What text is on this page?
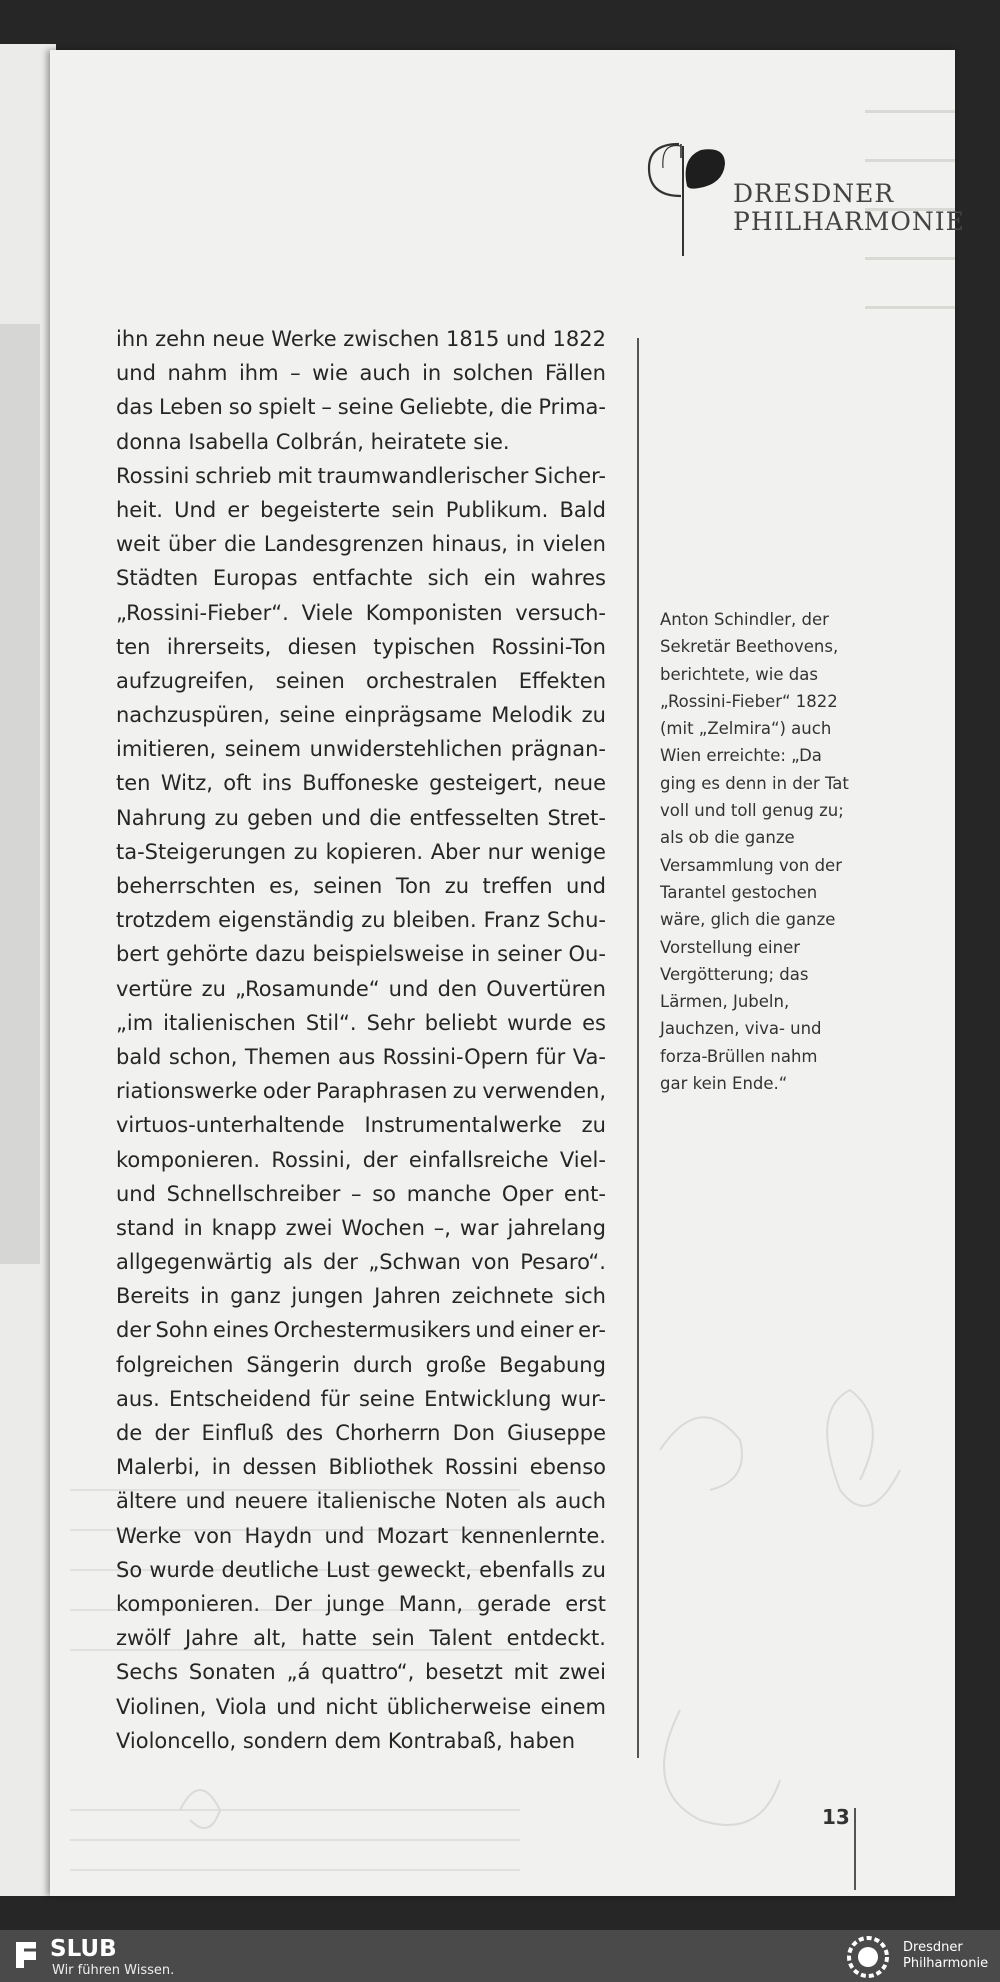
DRESDNER
PHILHARMONIE
ihn zehn neue Werke zwischen 1815 und 1822
und nahm ihm – wie auch in solchen Fällen
das Leben so spielt – seine Geliebte, die Prima-
donna Isabella Colbrán, heiratete sie.
Rossini schrieb mit traumwandlerischer Sicher-
heit. Und er begeisterte sein Publikum. Bald
weit über die Landesgrenzen hinaus, in vielen
Städten Europas entfachte sich ein wahres
„Rossini-Fieber“. Viele Komponisten versuch-
ten ihrerseits, diesen typischen Rossini-Ton
aufzugreifen, seinen orchestralen Effekten
nachzuspüren, seine einprägsame Melodik zu
imitieren, seinem unwiderstehlichen prägnan-
ten Witz, oft ins Buffoneske gesteigert, neue
Nahrung zu geben und die entfesselten Stret-
ta-Steigerungen zu kopieren. Aber nur wenige
beherrschten es, seinen Ton zu treffen und
trotzdem eigenständig zu bleiben. Franz Schu-
bert gehörte dazu beispielsweise in seiner Ou-
vertüre zu „Rosamunde“ und den Ouvertüren
„im italienischen Stil“. Sehr beliebt wurde es
bald schon, Themen aus Rossini-Opern für Va-
riationswerke oder Paraphrasen zu verwenden,
virtuos-unterhaltende Instrumentalwerke zu
komponieren. Rossini, der einfallsreiche Viel-
und Schnellschreiber – so manche Oper ent-
stand in knapp zwei Wochen –, war jahrelang
allgegenwärtig als der „Schwan von Pesaro“.
Bereits in ganz jungen Jahren zeichnete sich
der Sohn eines Orchestermusikers und einer er-
folgreichen Sängerin durch große Begabung
aus. Entscheidend für seine Entwicklung wur-
de der Einfluß des Chorherrn Don Giuseppe
Malerbi, in dessen Bibliothek Rossini ebenso
ältere und neuere italienische Noten als auch
Werke von Haydn und Mozart kennenlernte.
So wurde deutliche Lust geweckt, ebenfalls zu
komponieren. Der junge Mann, gerade erst
zwölf Jahre alt, hatte sein Talent entdeckt.
Sechs Sonaten „á quattro“, besetzt mit zwei
Violinen, Viola und nicht üblicherweise einem
Violoncello, sondern dem Kontrabaß, haben
Anton Schindler, der
Sekretär Beethovens,
berichtete, wie das
„Rossini-Fieber“ 1822
(mit „Zelmira“) auch
Wien erreichte: „Da
ging es denn in der Tat
voll und toll genug zu;
als ob die ganze
Versammlung von der
Tarantel gestochen
wäre, glich die ganze
Vorstellung einer
Vergötterung; das
Lärmen, Jubeln,
Jauchzen, viva- und
forza-Brüllen nahm
gar kein Ende.“
13
SLUB
Wir führen Wissen.
Dresdner
Philharmonie
